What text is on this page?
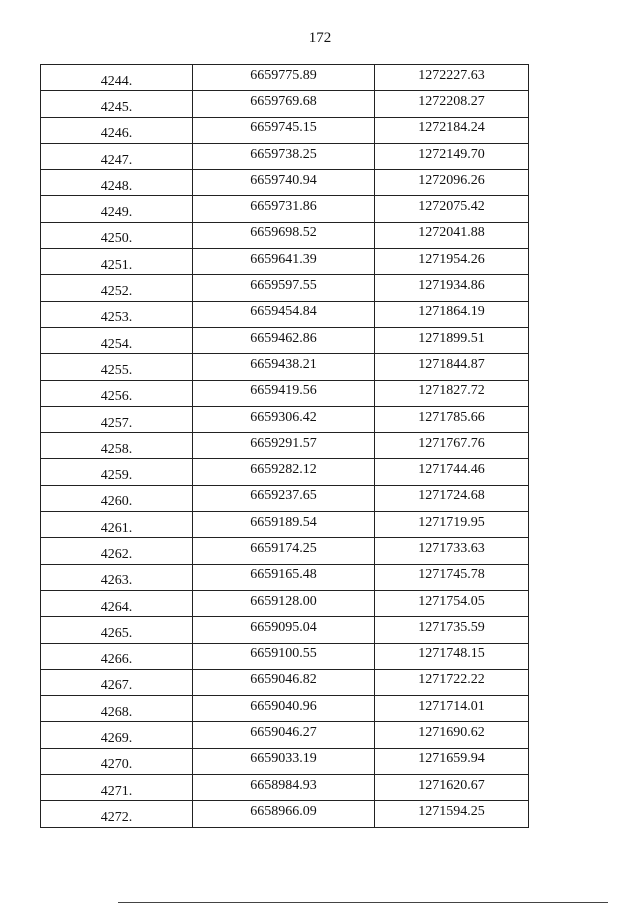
172
4244.	6659775.89	1272227.63
4245.	6659769.68	1272208.27
4246.	6659745.15	1272184.24
4247.	6659738.25	1272149.70
4248.	6659740.94	1272096.26
4249.	6659731.86	1272075.42
4250.	6659698.52	1272041.88
4251.	6659641.39	1271954.26
4252.	6659597.55	1271934.86
4253.	6659454.84	1271864.19
4254.	6659462.86	1271899.51
4255.	6659438.21	1271844.87
4256.	6659419.56	1271827.72
4257.	6659306.42	1271785.66
4258.	6659291.57	1271767.76
4259.	6659282.12	1271744.46
4260.	6659237.65	1271724.68
4261.	6659189.54	1271719.95
4262.	6659174.25	1271733.63
4263.	6659165.48	1271745.78
4264.	6659128.00	1271754.05
4265.	6659095.04	1271735.59
4266.	6659100.55	1271748.15
4267.	6659046.82	1271722.22
4268.	6659040.96	1271714.01
4269.	6659046.27	1271690.62
4270.	6659033.19	1271659.94
4271.	6658984.93	1271620.67
4272.	6658966.09	1271594.25
